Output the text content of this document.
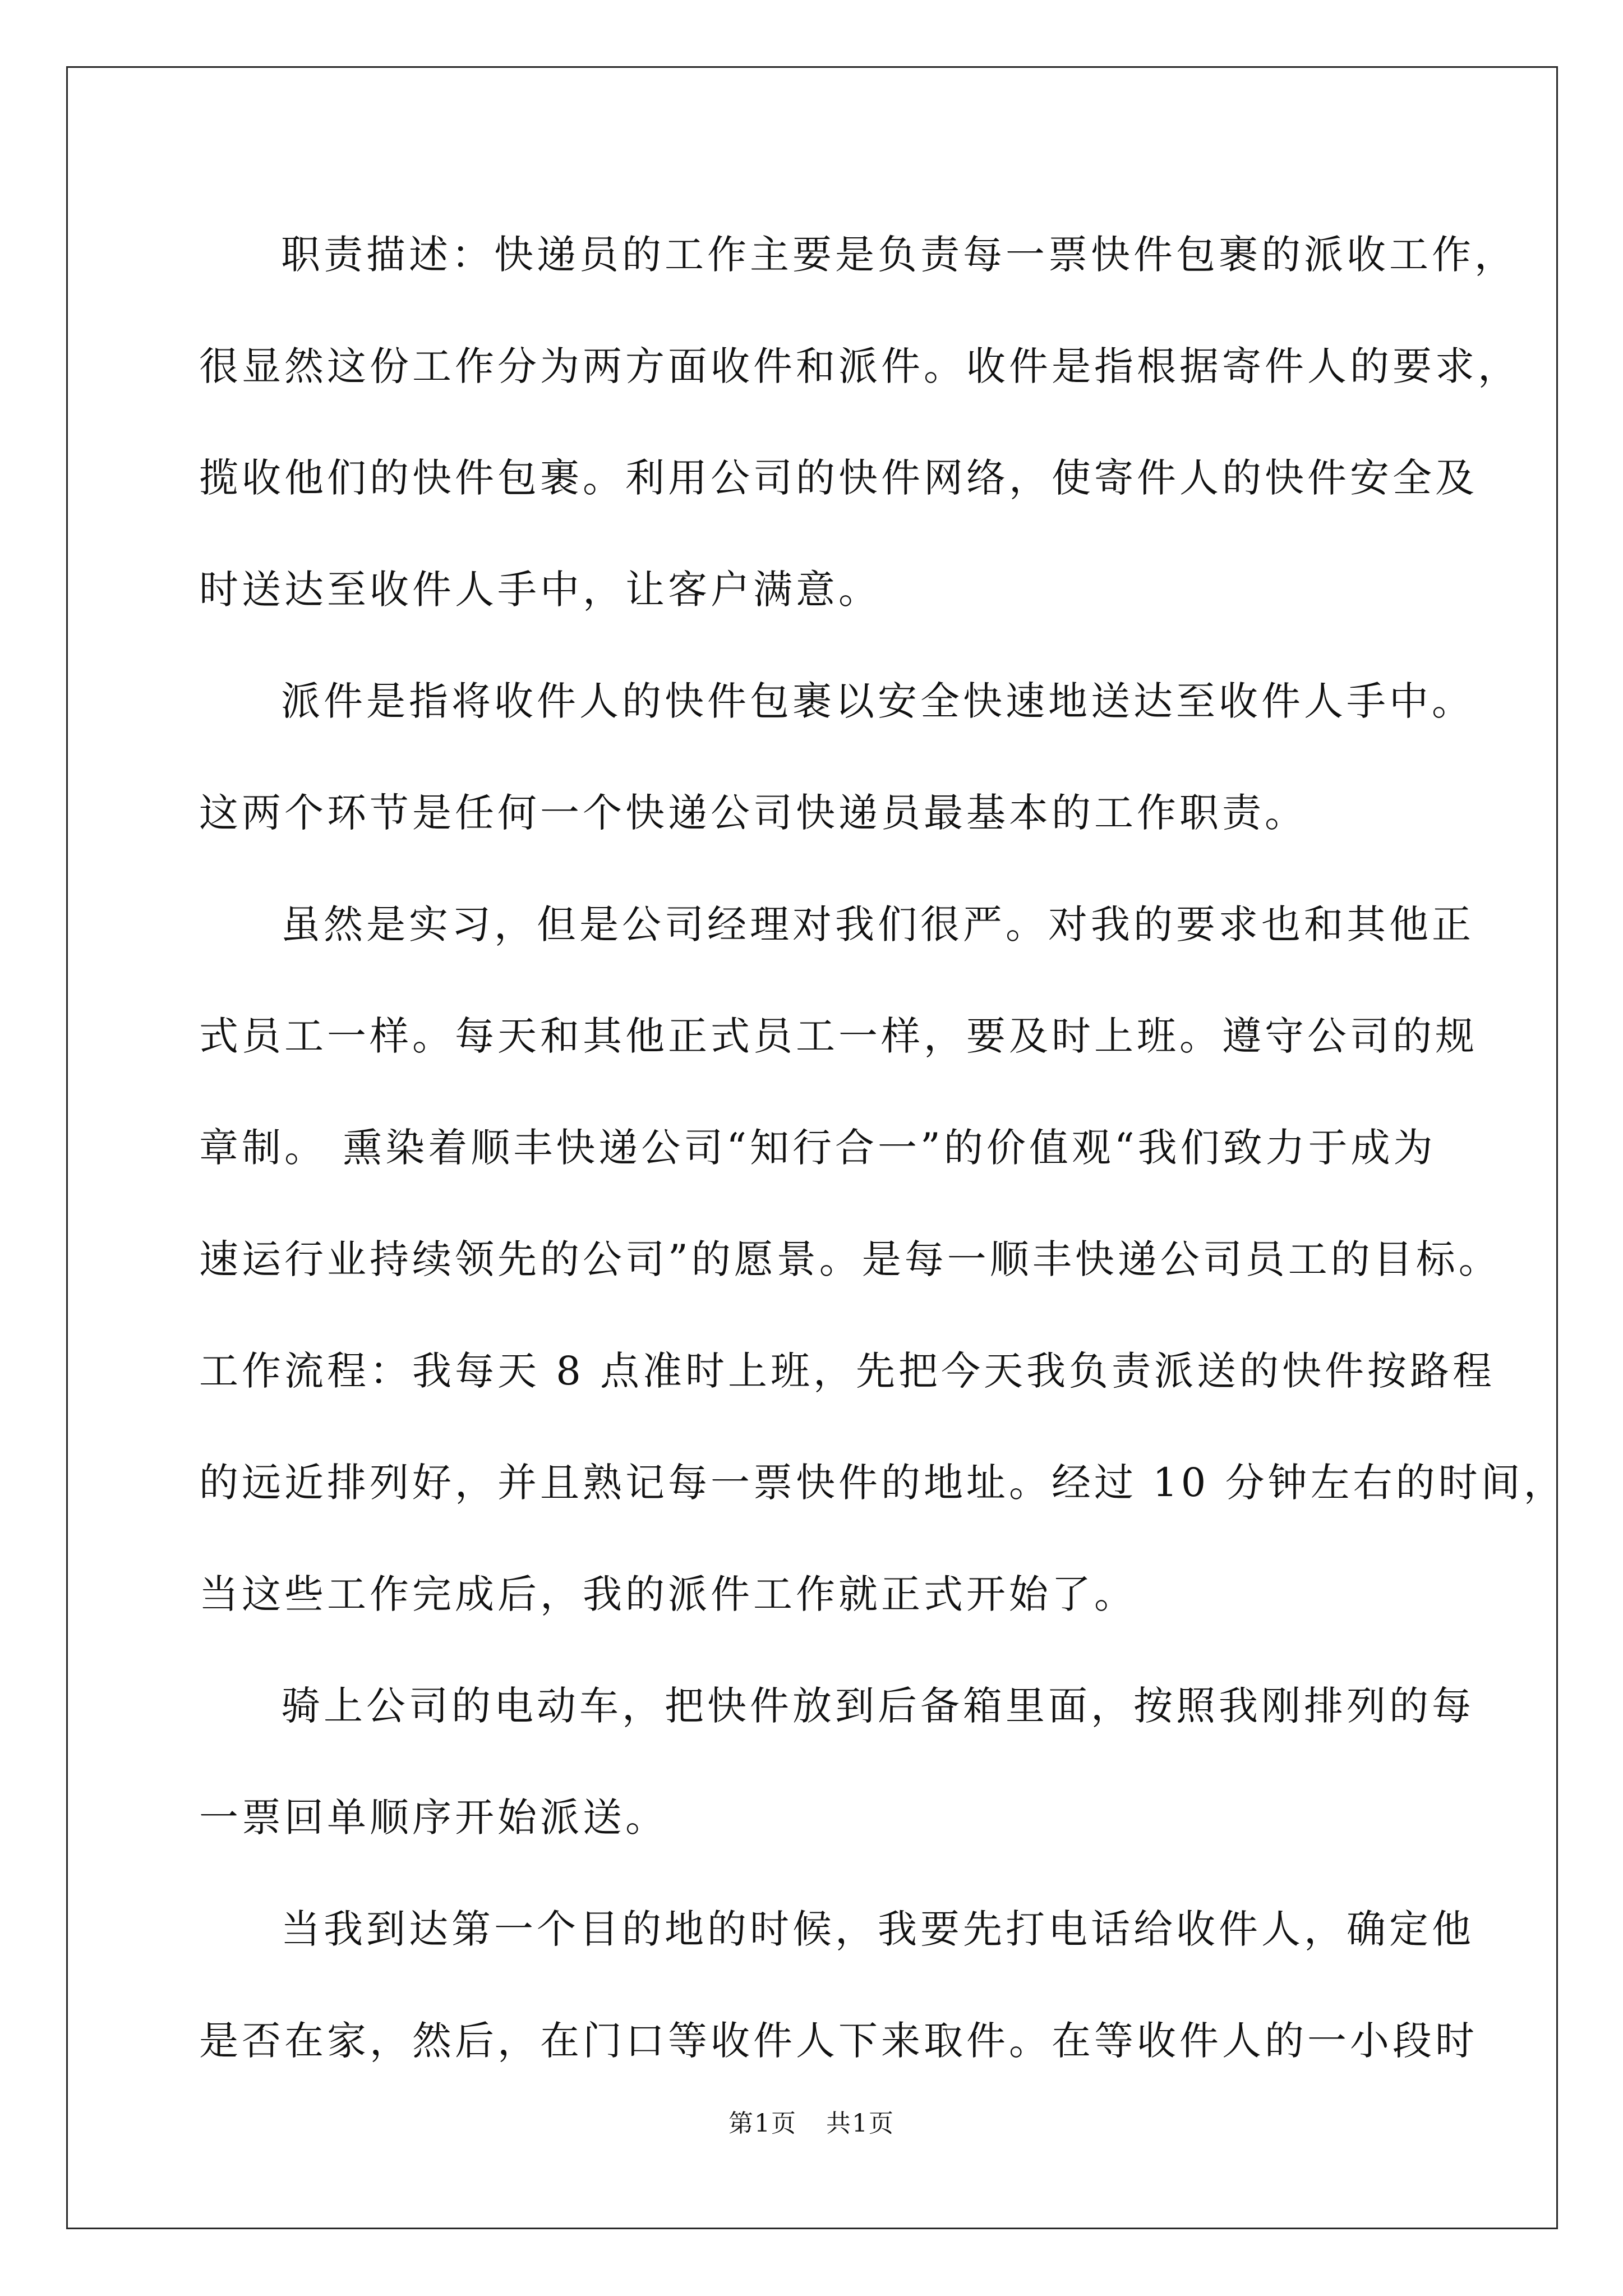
职责描述：快递员的工作主要是负责每一票快件包裹的派收工作，
很显然这份工作分为两方面收件和派件。收件是指根据寄件人的要求，
揽收他们的快件包裹。利用公司的快件网络，使寄件人的快件安全及
时送达至收件人手中，让客户满意。
派件是指将收件人的快件包裹以安全快速地送达至收件人手中。
这两个环节是任何一个快递公司快递员最基本的工作职责。
虽然是实习，但是公司经理对我们很严。对我的要求也和其他正
式员工一样。每天和其他正式员工一样，要及时上班。遵守公司的规
章制。 熏染着顺丰快递公司“知行合一”的价值观“我们致力于成为
速运行业持续领先的公司”的愿景。是每一顺丰快递公司员工的目标。
工作流程：我每天 8 点准时上班，先把今天我负责派送的快件按路程
的远近排列好，并且熟记每一票快件的地址。经过 10 分钟左右的时间，
当这些工作完成后，我的派件工作就正式开始了。
骑上公司的电动车，把快件放到后备箱里面，按照我刚排列的每
一票回单顺序开始派送。
当我到达第一个目的地的时候，我要先打电话给收件人，确定他
是否在家，然后，在门口等收件人下来取件。在等收件人的一小段时
第1页 共1页
